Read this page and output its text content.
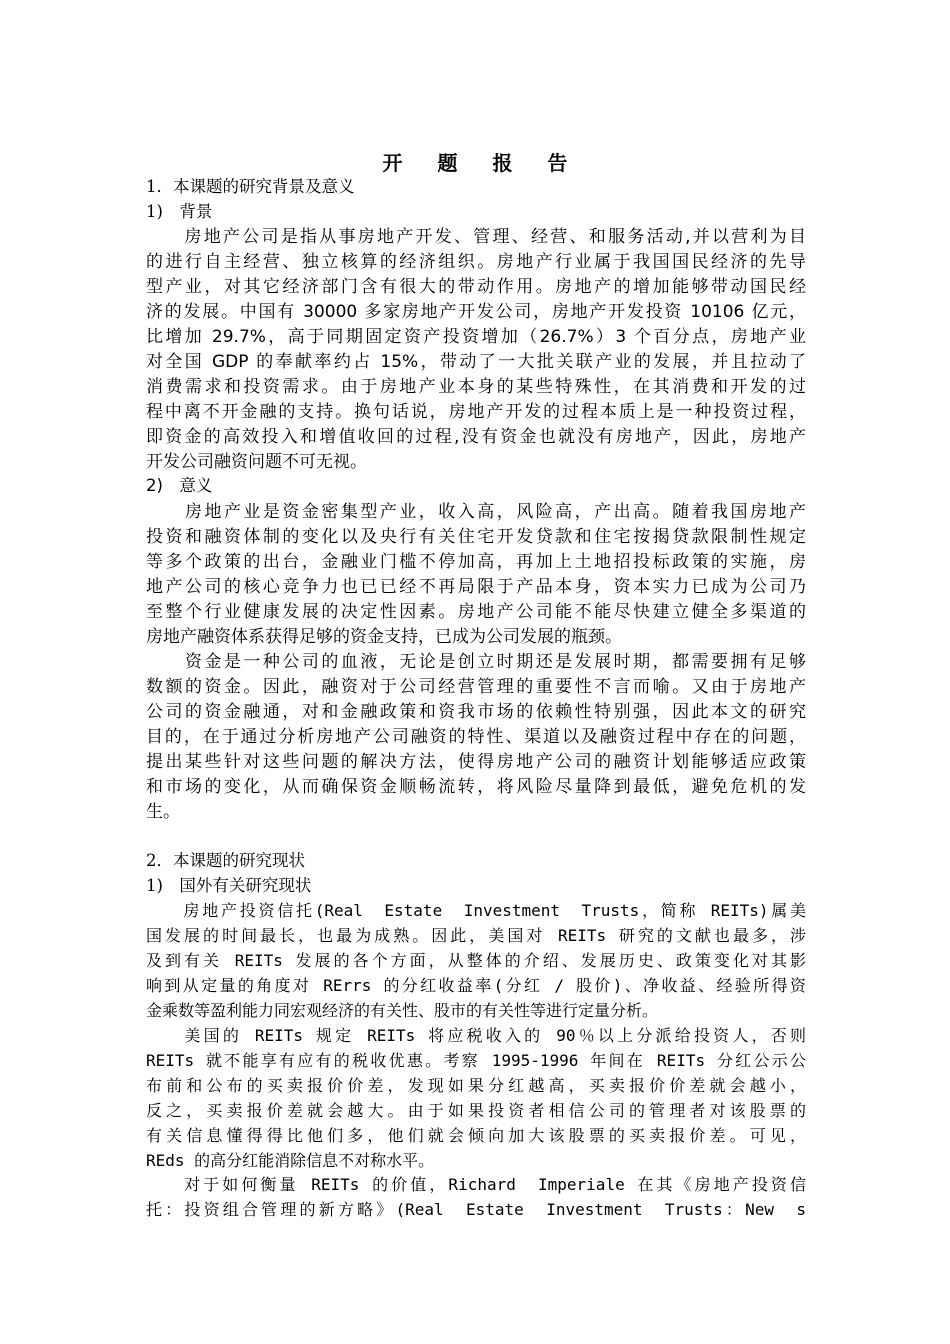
开 题 报 告
1．本课题的研究背景及意义
1)　背景
　　房地产公司是指从事房地产开发、管理、经营、和服务活动,并以营利为目
的进行自主经营、独立核算的经济组织。房地产行业属于我国国民经济的先导
型产业，对其它经济部门含有很大的带动作用。房地产的增加能够带动国民经
济的发展。中国有 30000 多家房地产开发公司，房地产开发投资 10106 亿元，
比增加 29.7%，高于同期固定资产投资增加（26.7%）3 个百分点，房地产业
对全国 GDP 的奉献率约占 15%，带动了一大批关联产业的发展，并且拉动了
消费需求和投资需求。由于房地产业本身的某些特殊性，在其消费和开发的过
程中离不开金融的支持。换句话说，房地产开发的过程本质上是一种投资过程，
即资金的高效投入和增值收回的过程,没有资金也就没有房地产，因此，房地产
开发公司融资问题不可无视。
2)　意义
　　房地产业是资金密集型产业，收入高，风险高，产出高。随着我国房地产
投资和融资体制的变化以及央行有关住宅开发贷款和住宅按揭贷款限制性规定
等多个政策的出台，金融业门槛不停加高，再加上土地招投标政策的实施，房
地产公司的核心竞争力也已已经不再局限于产品本身，资本实力已成为公司乃
至整个行业健康发展的决定性因素。房地产公司能不能尽快建立健全多渠道的
房地产融资体系获得足够的资金支持，已成为公司发展的瓶颈。
　　资金是一种公司的血液，无论是创立时期还是发展时期，都需要拥有足够
数额的资金。因此，融资对于公司经营管理的重要性不言而喻。又由于房地产
公司的资金融通，对和金融政策和资我市场的依赖性特别强，因此本文的研究
目的，在于通过分析房地产公司融资的特性、渠道以及融资过程中存在的问题，
提出某些针对这些问题的解决方法，使得房地产公司的融资计划能够适应政策
和市场的变化，从而确保资金顺畅流转，将风险尽量降到最低，避免危机的发
生。
2．本课题的研究现状
1)　国外有关研究现状
　　房地产投资信托(Real　Estate　Investment　Trusts，简称 REITs)属美
国发展的时间最长，也最为成熟。因此，美国对 REITs 研究的文献也最多，涉
及到有关 REITs 发展的各个方面，从整体的介绍、发展历史、政策变化对其影
响到从定量的角度对 RErrs 的分红收益率(分红 / 股价)、净收益、经验所得资
金乘数等盈利能力同宏观经济的有关性、股市的有关性等进行定量分析。
　　美国的 REITs 规定 REITs 将应税收入的 90％以上分派给投资人，否则
REITs 就不能享有应有的税收优惠。考察 1995-1996 年间在 REITs 分红公示公
布前和公布的买卖报价价差，发现如果分红越高，买卖报价价差就会越小，
反之，买卖报价差就会越大。由于如果投资者相信公司的管理者对该股票的
有关信息懂得得比他们多，他们就会倾向加大该股票的买卖报价差。可见，
REds 的高分红能消除信息不对称水平。
　　对于如何衡量 REITs 的价值，Richard　Imperiale 在其《房地产投资信
托：投资组合管理的新方略》(Real　Estate　Investment　Trusts：New　s
